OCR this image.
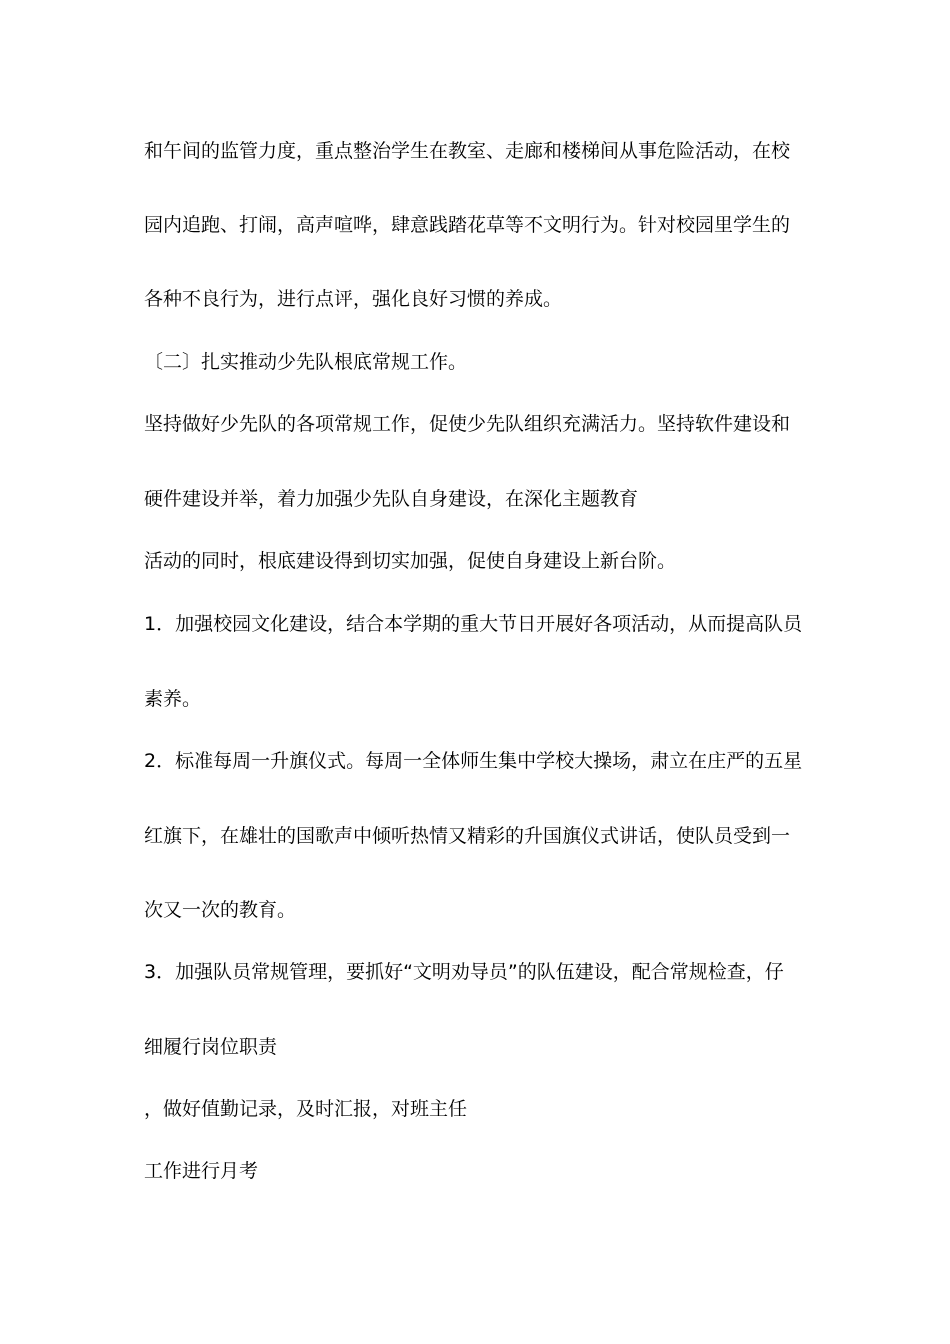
和午间的监管力度，重点整治学生在教室、走廊和楼梯间从事危险活动，在校
园内追跑、打闹，高声喧哗，肆意践踏花草等不文明行为。针对校园里学生的
各种不良行为，进行点评，强化良好习惯的养成。
〔二〕扎实推动少先队根底常规工作。
坚持做好少先队的各项常规工作，促使少先队组织充满活力。坚持软件建设和
硬件建设并举，着力加强少先队自身建设，在深化主题教育
活动的同时，根底建设得到切实加强，促使自身建设上新台阶。
1．加强校园文化建设，结合本学期的重大节日开展好各项活动，从而提高队员
素养。
2．标准每周一升旗仪式。每周一全体师生集中学校大操场，肃立在庄严的五星
红旗下，在雄壮的国歌声中倾听热情又精彩的升国旗仪式讲话，使队员受到一
次又一次的教育。
3．加强队员常规管理，要抓好“文明劝导员”的队伍建设，配合常规检查，仔
细履行岗位职责
，做好值勤记录，及时汇报，对班主任
工作进行月考
